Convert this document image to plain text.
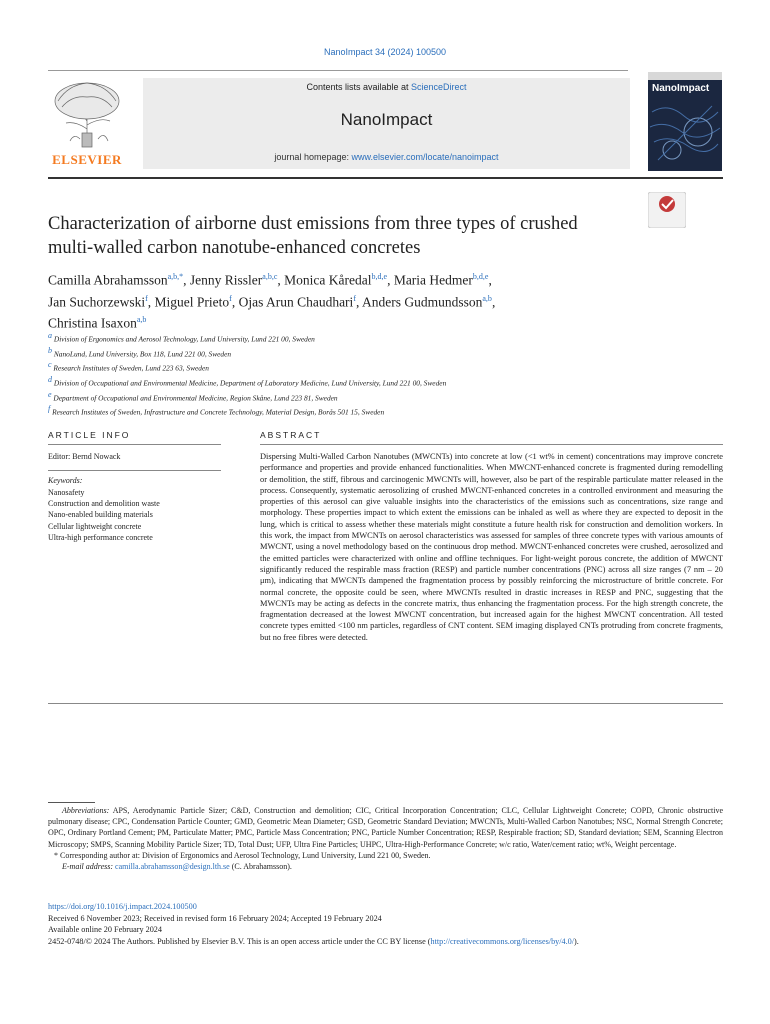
NanoImpact 34 (2024) 100500
ELSEVIER
Contents lists available at ScienceDirect
NanoImpact
journal homepage: www.elsevier.com/locate/nanoimpact
NanoImpact
Characterization of airborne dust emissions from three types of crushed multi-walled carbon nanotube-enhanced concretes
Camilla Abrahamsson$^{a,b,*}$, Jenny Rissler$^{a,b,c}$, Monica Kåredal$^{b,d,e}$, Maria Hedmer$^{b,d,e}$,
Jan Suchorzewski$^f$, Miguel Prieto$^f$, Ojas Arun Chaudhari$^f$, Anders Gudmundsson$^{a,b}$,
Christina Isaxon$^{a,b}$
$^a$ Division of Ergonomics and Aerosol Technology, Lund University, Lund 221 00, Sweden
$^b$ NanoLund, Lund University, Box 118, Lund 221 00, Sweden
$^c$ Research Institutes of Sweden, Lund 223 63, Sweden
$^d$ Division of Occupational and Environmental Medicine, Department of Laboratory Medicine, Lund University, Lund 221 00, Sweden
$^e$ Department of Occupational and Environmental Medicine, Region Skåne, Lund 223 81, Sweden
$^f$ Research Institutes of Sweden, Infrastructure and Concrete Technology, Material Design, Borås 501 15, Sweden
ARTICLE INFO
Editor: Bernd Nowack
Keywords:
Nanosafety
Construction and demolition waste
Nano-enabled building materials
Cellular lightweight concrete
Ultra-high performance concrete
ABSTRACT
Dispersing Multi-Walled Carbon Nanotubes (MWCNTs) into concrete at low (<1 wt% in cement) concentrations may improve concrete performance and properties and provide enhanced functionalities. When MWCNT-enhanced concrete is fragmented during remodelling or demolition, the stiff, fibrous and carcinogenic MWCNTs will, however, also be part of the respirable particulate matter released in the process. Consequently, systematic aerosolizing of crushed MWCNT-enhanced concretes in a controlled environment and measuring the properties of this aerosol can give valuable insights into the characteristics of the emissions such as concentrations, size range and morphology. These properties impact to which extent the emissions can be inhaled as well as where they are expected to deposit in the lung, which is critical to assess whether these materials might constitute a future health risk for construction and demolition workers. In this work, the impact from MWCNTs on aerosol characteristics was assessed for samples of three concrete types with various amounts of MWCNT, using a novel methodology based on the continuous drop method. MWCNT-enhanced concretes were crushed, aerosolized and the emitted particles were characterized with online and offline techniques. For light-weight porous concrete, the addition of MWCNT significantly reduced the respirable mass fraction (RESP) and particle number concentrations (PNC) across all size ranges (7 nm – 20 μm), indicating that MWCNTs dampened the fragmentation process by possibly reinforcing the microstructure of brittle concrete. For normal concrete, the opposite could be seen, where MWCNTs resulted in drastic increases in RESP and PNC, suggesting that the MWCNTs may be acting as defects in the concrete matrix, thus enhancing the fragmentation process. For the high strength concrete, the fragmentation decreased at the lowest MWCNT concentration, but increased again for the highest MWCNT concentration. All tested concrete types emitted <100 nm particles, regardless of CNT content. SEM imaging displayed CNTs protruding from concrete fragments, but no free fibres were detected.
Abbreviations: APS, Aerodynamic Particle Sizer; C&D, Construction and demolition; CIC, Critical Incorporation Concentration; CLC, Cellular Lightweight Concrete; COPD, Chronic obstructive pulmonary disease; CPC, Condensation Particle Counter; GMD, Geometric Mean Diameter; GSD, Geometric Standard Deviation; MWCNTs, Multi-Walled Carbon Nanotubes; NSC, Normal Strength Concrete; OPC, Ordinary Portland Cement; PM, Particulate Matter; PMC, Particle Mass Concentration; PNC, Particle Number Concentration; RESP, Respirable fraction; SD, Standard deviation; SEM, Scanning Electron Microscopy; SMPS, Scanning Mobility Particle Sizer; TD, Total Dust; UFP, Ultra Fine Particles; UHPC, Ultra-High-Performance Concrete; w/c ratio, Water/cement ratio; wt%, Weight percentage.
* Corresponding author at: Division of Ergonomics and Aerosol Technology, Lund University, Lund 221 00, Sweden.
E-mail address: camilla.abrahamsson@design.lth.se (C. Abrahamsson).
https://doi.org/10.1016/j.impact.2024.100500
Received 6 November 2023; Received in revised form 16 February 2024; Accepted 19 February 2024
Available online 20 February 2024
2452-0748/© 2024 The Authors. Published by Elsevier B.V. This is an open access article under the CC BY license (http://creativecommons.org/licenses/by/4.0/).
